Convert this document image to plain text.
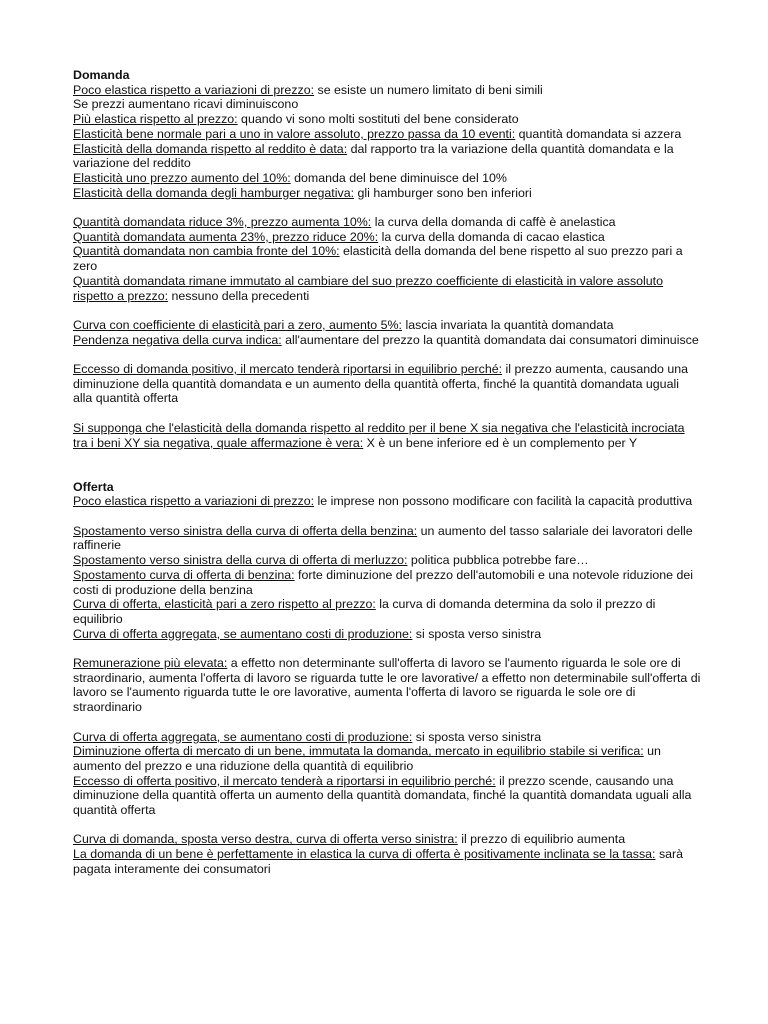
Domanda

Poco elastica rispetto a variazioni di prezzo: se esiste un numero limitato di beni simili

Se prezzi aumentano ricavi diminuiscono

Più elastica rispetto al prezzo: quando vi sono molti sostituti del bene considerato

Elasticità bene normale pari a uno in valore assoluto, prezzo passa da 10 eventi: quantità domandata si azzera

Elasticità della domanda rispetto al reddito è data: dal rapporto tra la variazione della quantità domandata e la variazione del reddito

Elasticità uno prezzo aumento del 10%: domanda del bene diminuisce del 10%

Elasticità della domanda degli hamburger negativa: gli hamburger sono ben inferiori

Quantità domandata riduce 3%, prezzo aumenta 10%: la curva della domanda di caffè è anelastica

Quantità domandata aumenta 23%, prezzo riduce 20%: la curva della domanda di cacao elastica

Quantità domandata non cambia fronte del 10%: elasticità della domanda del bene rispetto al suo prezzo pari a zero

Quantità domandata rimane immutato al cambiare del suo prezzo coefficiente di elasticità in valore assoluto rispetto a prezzo: nessuno della precedenti

Curva con coefficiente di elasticità pari a zero, aumento 5%: lascia invariata la quantità domandata

Pendenza negativa della curva indica: all'aumentare del prezzo la quantità domandata dai consumatori diminuisce

Eccesso di domanda positivo, il mercato tenderà riportarsi in equilibrio perché: il prezzo aumenta, causando una diminuzione della quantità domandata e un aumento della quantità offerta, finché la quantità domandata uguali alla quantità offerta

Si supponga che l'elasticità della domanda rispetto al reddito per il bene X sia negativa che l'elasticità incrociata tra i beni XY sia negativa, quale affermazione è vera: X è un bene inferiore ed è un complemento per Y

Offerta

Poco elastica rispetto a variazioni di prezzo: le imprese non possono modificare con facilità la capacità produttiva

Spostamento verso sinistra della curva di offerta della benzina: un aumento del tasso salariale dei lavoratori delle raffinerie

Spostamento verso sinistra della curva di offerta di merluzzo: politica pubblica potrebbe fare…

Spostamento curva di offerta di benzina: forte diminuzione del prezzo dell'automobili e una notevole riduzione dei costi di produzione della benzina

Curva di offerta, elasticità pari a zero rispetto al prezzo: la curva di domanda determina da solo il prezzo di equilibrio

Curva di offerta aggregata, se aumentano costi di produzione: si sposta verso sinistra

Remunerazione più elevata: a effetto non determinante sull'offerta di lavoro se l'aumento riguarda le sole ore di straordinario, aumenta l'offerta di lavoro se riguarda tutte le ore lavorative/ a effetto non determinabile sull'offerta di lavoro se l'aumento riguarda tutte le ore lavorative, aumenta l'offerta di lavoro se riguarda le sole ore di straordinario

Curva di offerta aggregata, se aumentano costi di produzione: si sposta verso sinistra

Diminuzione offerta di mercato di un bene, immutata la domanda, mercato in equilibrio stabile si verifica: un aumento del prezzo e una riduzione della quantità di equilibrio

Eccesso di offerta positivo, il mercato tenderà a riportarsi in equilibrio perché: il prezzo scende, causando una diminuzione della quantità offerta un aumento della quantità domandata, finché la quantità domandata uguali alla quantità offerta

Curva di domanda, sposta verso destra, curva di offerta verso sinistra: il prezzo di equilibrio aumenta

La domanda di un bene è perfettamente in elastica la curva di offerta è positivamente inclinata se la tassa: sarà pagata interamente dei consumatori
